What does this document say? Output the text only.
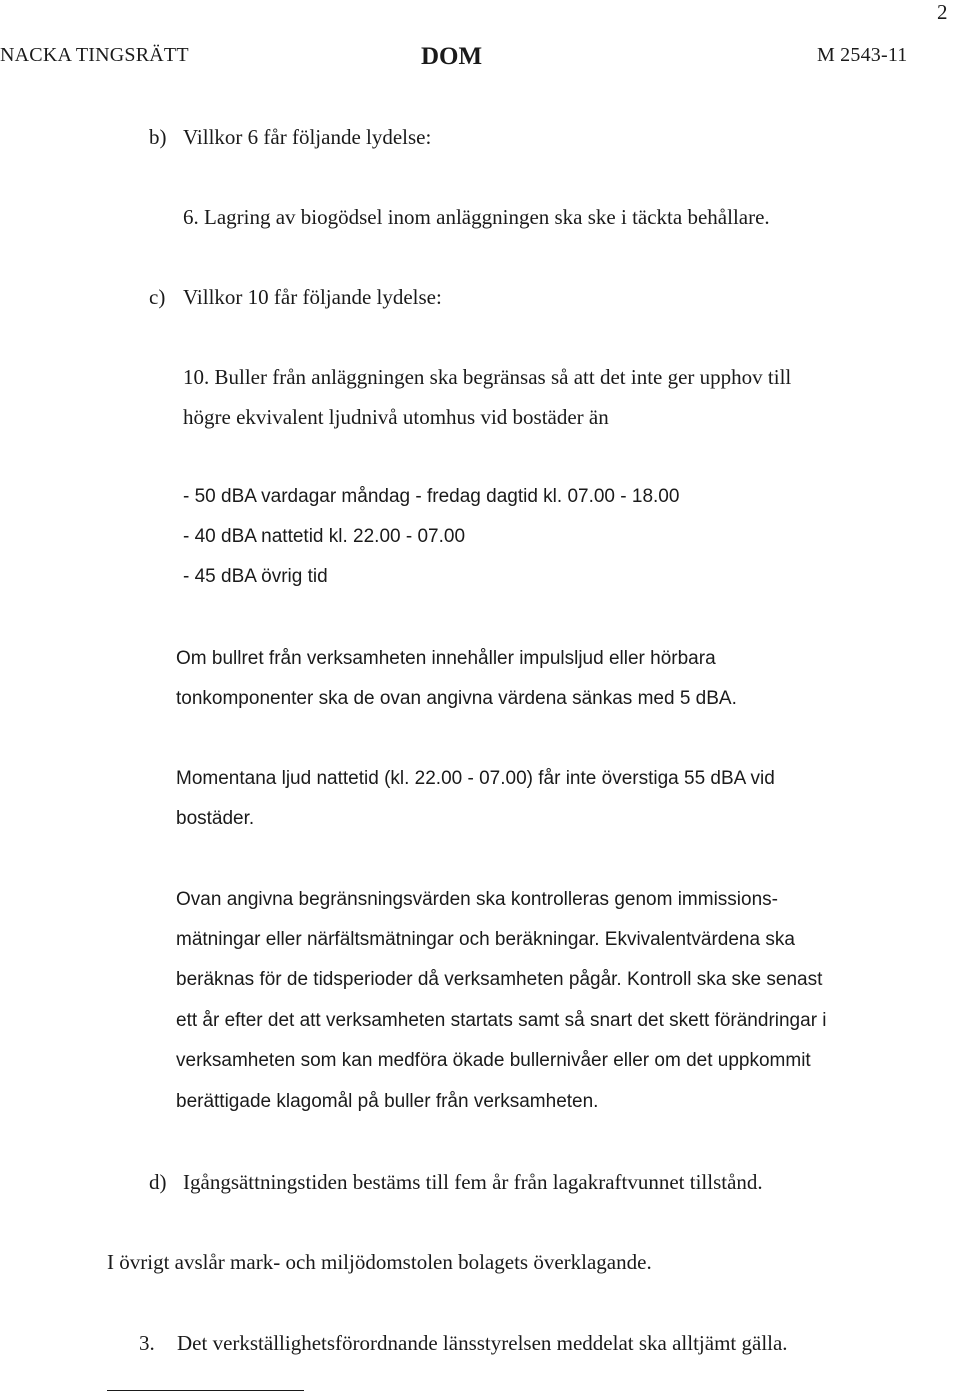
2
NACKA TINGSRÄTT	DOM	M 2543-11
b) Villkor 6 får följande lydelse:
6. Lagring av biogödsel inom anläggningen ska ske i täckta behållare.
c) Villkor 10 får följande lydelse:
10. Buller från anläggningen ska begränsas så att det inte ger upphov till
högre ekvivalent ljudnivå utomhus vid bostäder än
- 50 dBA vardagar måndag - fredag dagtid kl. 07.00 - 18.00
- 40 dBA nattetid kl. 22.00 - 07.00
- 45 dBA övrig tid
Om bullret från verksamheten innehåller impulsljud eller hörbara
tonkomponenter ska de ovan angivna värdena sänkas med 5 dBA.
Momentana ljud nattetid (kl. 22.00 - 07.00) får inte överstiga 55 dBA vid
bostäder.
Ovan angivna begränsningsvärden ska kontrolleras genom immissions-
mätningar eller närfältsmätningar och beräkningar. Ekvivalentvärdena ska
beräknas för de tidsperioder då verksamheten pågår. Kontroll ska ske senast
ett år efter det att verksamheten startats samt så snart det skett förändringar i
verksamheten som kan medföra ökade bullernivåer eller om det uppkommit
berättigade klagomål på buller från verksamheten.
d) Igångsättningstiden bestäms till fem år från lagakraftvunnet tillstånd.
I övrigt avslår mark- och miljödomstolen bolagets överklagande.
3. Det verkställighetsförordnande länsstyrelsen meddelat ska alltjämt gälla.
